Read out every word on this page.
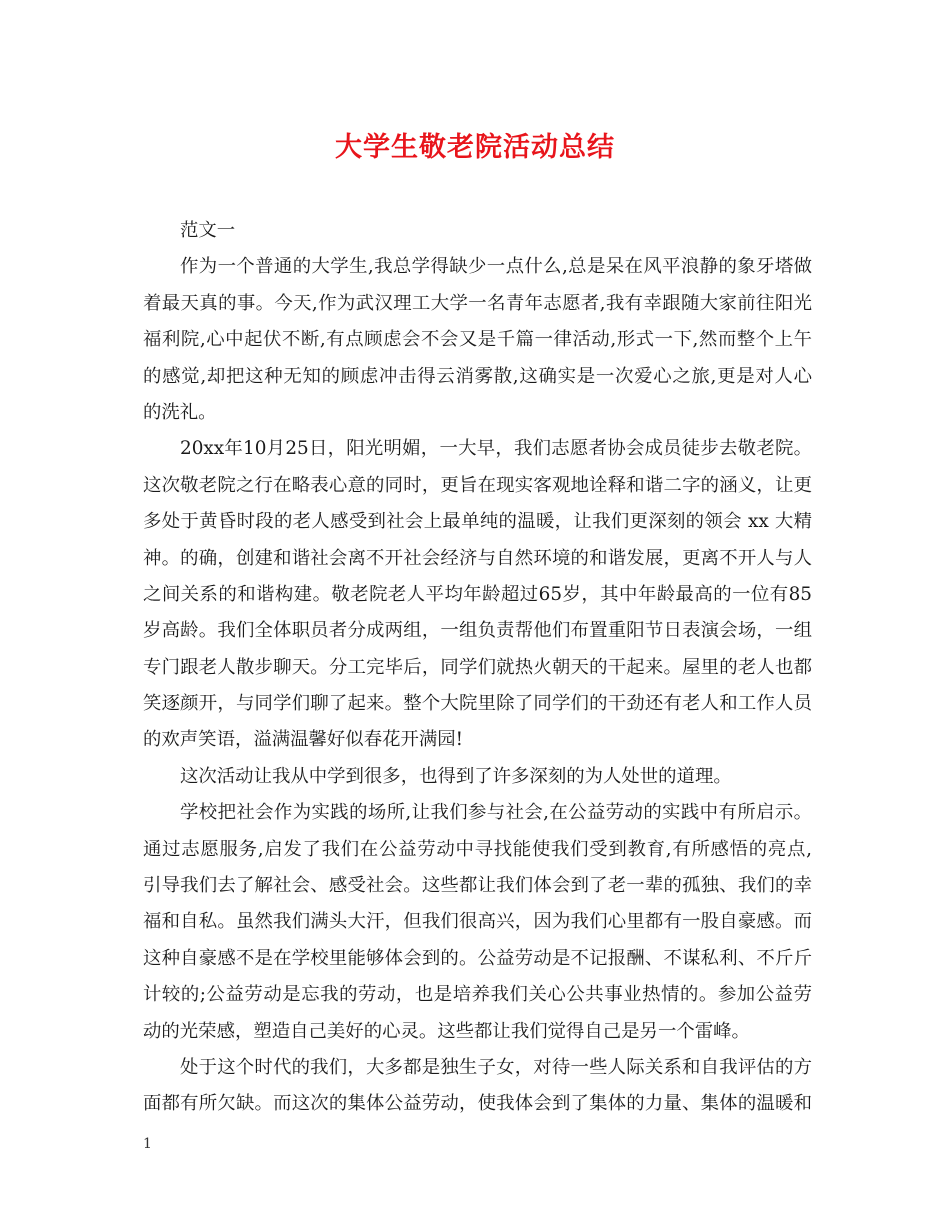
大学生敬老院活动总结
范文一
作为一个普通的大学生,我总学得缺少一点什么,总是呆在风平浪静的象牙塔做
着最天真的事。今天,作为武汉理工大学一名青年志愿者,我有幸跟随大家前往阳光
福利院,心中起伏不断,有点顾虑会不会又是千篇一律活动,形式一下,然而整个上午
的感觉,却把这种无知的顾虑冲击得云消雾散,这确实是一次爱心之旅,更是对人心
的洗礼。
20xx年10月25日，阳光明媚，一大早，我们志愿者协会成员徒步去敬老院。
这次敬老院之行在略表心意的同时，更旨在现实客观地诠释和谐二字的涵义，让更
多处于黄昏时段的老人感受到社会上最单纯的温暖，让我们更深刻的领会 xx 大精
神。的确，创建和谐社会离不开社会经济与自然环境的和谐发展，更离不开人与人
之间关系的和谐构建。敬老院老人平均年龄超过65岁，其中年龄最高的一位有85
岁高龄。我们全体职员者分成两组，一组负责帮他们布置重阳节日表演会场，一组
专门跟老人散步聊天。分工完毕后，同学们就热火朝天的干起来。屋里的老人也都
笑逐颜开，与同学们聊了起来。整个大院里除了同学们的干劲还有老人和工作人员
的欢声笑语，溢满温馨好似春花开满园!
这次活动让我从中学到很多，也得到了许多深刻的为人处世的道理。
学校把社会作为实践的场所,让我们参与社会,在公益劳动的实践中有所启示。
通过志愿服务,启发了我们在公益劳动中寻找能使我们受到教育,有所感悟的亮点,
引导我们去了解社会、感受社会。这些都让我们体会到了老一辈的孤独、我们的幸
福和自私。虽然我们满头大汗，但我们很高兴，因为我们心里都有一股自豪感。而
这种自豪感不是在学校里能够体会到的。公益劳动是不记报酬、不谋私利、不斤斤
计较的;公益劳动是忘我的劳动，也是培养我们关心公共事业热情的。参加公益劳
动的光荣感，塑造自己美好的心灵。这些都让我们觉得自己是另一个雷峰。
处于这个时代的我们，大多都是独生子女，对待一些人际关系和自我评估的方
面都有所欠缺。而这次的集体公益劳动，使我体会到了集体的力量、集体的温暖和
1
